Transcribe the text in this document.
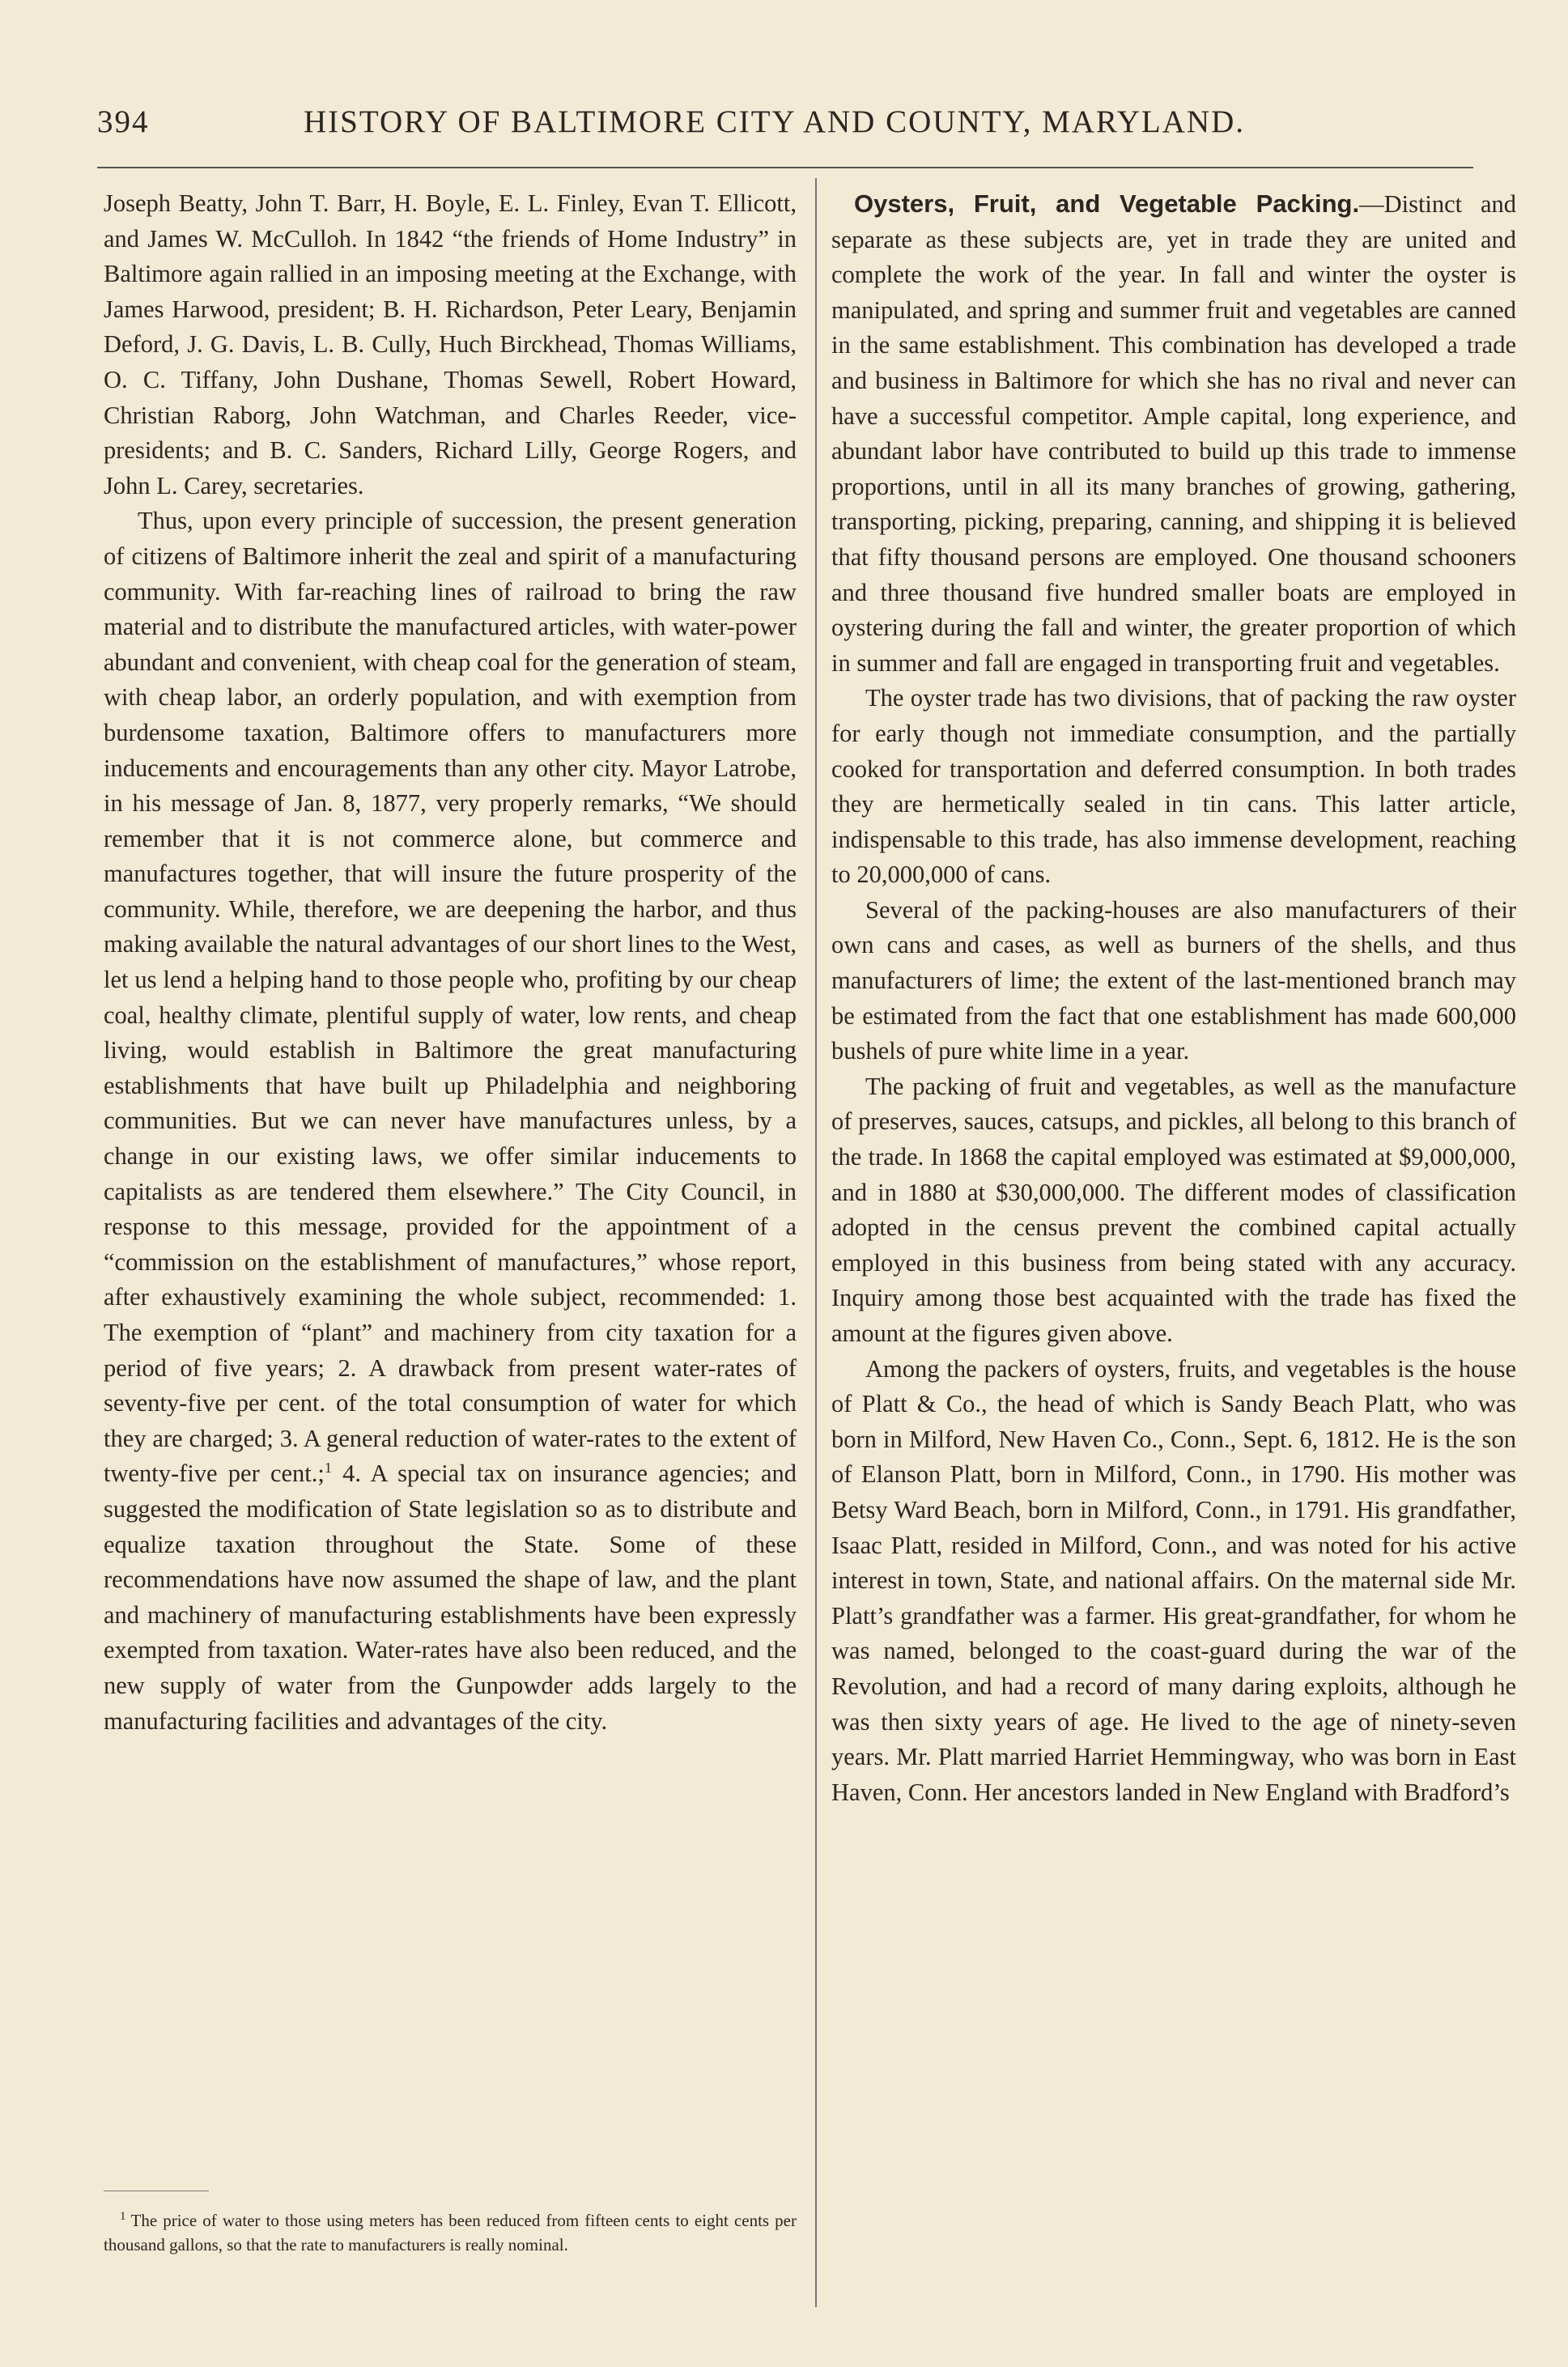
394	HISTORY OF BALTIMORE CITY AND COUNTY, MARYLAND.

Joseph Beatty, John T. Barr, H. Boyle, E. L. Finley, Evan T. Ellicott, and James W. McCulloh. In 1842 “the friends of Home Industry” in Baltimore again rallied in an imposing meeting at the Exchange, with James Harwood, president; B. H. Richardson, Peter Leary, Benjamin Deford, J. G. Davis, L. B. Cully, Huch Birckhead, Thomas Williams, O. C. Tiffany, John Dushane, Thomas Sewell, Robert Howard, Christian Raborg, John Watchman, and Charles Reeder, vice-presidents; and B. C. Sanders, Richard Lilly, George Rogers, and John L. Carey, secretaries.

Thus, upon every principle of succession, the present generation of citizens of Baltimore inherit the zeal and spirit of a manufacturing community. With far-reaching lines of railroad to bring the raw material and to distribute the manufactured articles, with water-power abundant and convenient, with cheap coal for the generation of steam, with cheap labor, an orderly population, and with exemption from burdensome taxation, Baltimore offers to manufacturers more inducements and encouragements than any other city. Mayor Latrobe, in his message of Jan. 8, 1877, very properly remarks, “We should remember that it is not commerce alone, but commerce and manufactures together, that will insure the future prosperity of the community. While, therefore, we are deepening the harbor, and thus making available the natural advantages of our short lines to the West, let us lend a helping hand to those people who, profiting by our cheap coal, healthy climate, plentiful supply of water, low rents, and cheap living, would establish in Baltimore the great manufacturing establishments that have built up Philadelphia and neighboring communities. But we can never have manufactures unless, by a change in our existing laws, we offer similar inducements to capitalists as are tendered them elsewhere.” The City Council, in response to this message, provided for the appointment of a “commission on the establishment of manufactures,” whose report, after exhaustively examining the whole subject, recommended: 1. The exemption of “plant” and machinery from city taxation for a period of five years; 2. A drawback from present water-rates of seventy-five per cent. of the total consumption of water for which they are charged; 3. A general reduction of water-rates to the extent of twenty-five per cent.;$^1$ 4. A special tax on insurance agencies; and suggested the modification of State legislation so as to distribute and equalize taxation throughout the State. Some of these recommendations have now assumed the shape of law, and the plant and machinery of manufacturing establishments have been expressly exempted from taxation. Water-rates have also been reduced, and the new supply of water from the Gunpowder adds largely to the manufacturing facilities and advantages of the city.

Oysters, Fruit, and Vegetable Packing.—Distinct and separate as these subjects are, yet in trade they are united and complete the work of the year. In fall and winter the oyster is manipulated, and spring and summer fruit and vegetables are canned in the same establishment. This combination has developed a trade and business in Baltimore for which she has no rival and never can have a successful competitor. Ample capital, long experience, and abundant labor have contributed to build up this trade to immense proportions, until in all its many branches of growing, gathering, transporting, picking, preparing, canning, and shipping it is believed that fifty thousand persons are employed. One thousand schooners and three thousand five hundred smaller boats are employed in oystering during the fall and winter, the greater proportion of which in summer and fall are engaged in transporting fruit and vegetables.

The oyster trade has two divisions, that of packing the raw oyster for early though not immediate consumption, and the partially cooked for transportation and deferred consumption. In both trades they are hermetically sealed in tin cans. This latter article, indispensable to this trade, has also immense development, reaching to 20,000,000 of cans.

Several of the packing-houses are also manufacturers of their own cans and cases, as well as burners of the shells, and thus manufacturers of lime; the extent of the last-mentioned branch may be estimated from the fact that one establishment has made 600,000 bushels of pure white lime in a year.

The packing of fruit and vegetables, as well as the manufacture of preserves, sauces, catsups, and pickles, all belong to this branch of the trade. In 1868 the capital employed was estimated at $9,000,000, and in 1880 at $30,000,000. The different modes of classification adopted in the census prevent the combined capital actually employed in this business from being stated with any accuracy. Inquiry among those best acquainted with the trade has fixed the amount at the figures given above.

Among the packers of oysters, fruits, and vegetables is the house of Platt & Co., the head of which is Sandy Beach Platt, who was born in Milford, New Haven Co., Conn., Sept. 6, 1812. He is the son of Elanson Platt, born in Milford, Conn., in 1790. His mother was Betsy Ward Beach, born in Milford, Conn., in 1791. His grandfather, Isaac Platt, resided in Milford, Conn., and was noted for his active interest in town, State, and national affairs. On the maternal side Mr. Platt’s grandfather was a farmer. His great-grandfather, for whom he was named, belonged to the coast-guard during the war of the Revolution, and had a record of many daring exploits, although he was then sixty years of age. He lived to the age of ninety-seven years. Mr. Platt married Harriet Hemmingway, who was born in East Haven, Conn. Her ancestors landed in New England with Bradford’s

$^1$ The price of water to those using meters has been reduced from fifteen cents to eight cents per thousand gallons, so that the rate to manufacturers is really nominal.
